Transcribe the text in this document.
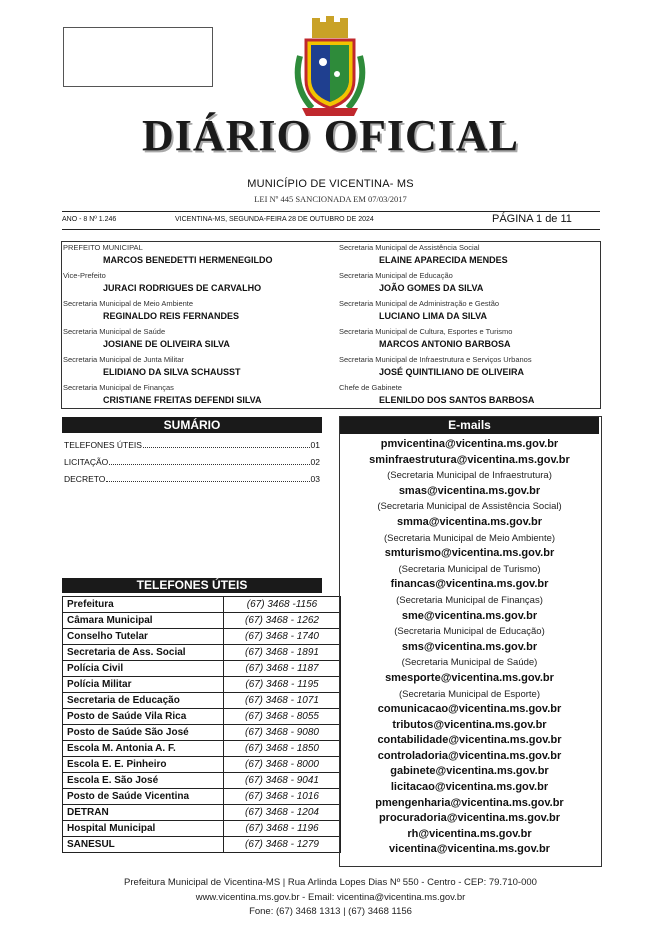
DIÁRIO OFICIAL
MUNICÍPIO DE VICENTINA- MS
LEI Nº 445 SANCIONADA EM 07/03/2017
ANO - 8 Nº 1.246	VICENTINA-MS, SEGUNDA-FEIRA 28 DE OUTUBRO DE 2024	PÁGINA 1 de 11
PREFEITO MUNICIPAL
MARCOS BENEDETTI HERMENEGILDO
Vice-Prefeito
JURACI RODRIGUES DE CARVALHO
Secretaria Municipal de Meio Ambiente
REGINALDO REIS FERNANDES
Secretaria Municipal de Saúde
JOSIANE DE OLIVEIRA SILVA
Secretaria Municipal de Junta Militar
ELIDIANO DA SILVA SCHAUSST
Secretaria Municipal de Finanças
CRISTIANE FREITAS DEFENDI SILVA
Secretaria Municipal de Assistência Social
ELAINE APARECIDA MENDES
Secretaria Municipal de Educação
JOÃO GOMES DA SILVA
Secretaria Municipal de Administração e Gestão
LUCIANO LIMA DA SILVA
Secretaria Municipal de Cultura, Esportes e Turismo
MARCOS ANTONIO BARBOSA
Secretaria Municipal de Infraestrutura e Serviços Urbanos
JOSÉ QUINTILIANO DE OLIVEIRA
Chefe de Gabinete
ELENILDO DOS SANTOS BARBOSA
SUMÁRIO
TELEFONES ÚTEIS	01
LICITAÇÃO	02
DECRETO	03
TELEFONES ÚTEIS
Prefeitura	(67) 3468 -1156
Câmara Municipal	(67) 3468 - 1262
Conselho Tutelar	(67) 3468 - 1740
Secretaria de Ass. Social	(67) 3468 - 1891
Polícia Civil	(67) 3468 - 1187
Polícia Militar	(67) 3468 - 1195
Secretaria de Educação	(67) 3468 - 1071
Posto de Saúde Vila Rica	(67) 3468 - 8055
Posto de Saúde São José	(67) 3468 - 9080
Escola M. Antonia A. F.	(67) 3468 - 1850
Escola E. E. Pinheiro	(67) 3468 - 8000
Escola E. São José	(67) 3468 - 9041
Posto de Saúde Vicentina	(67) 3468 - 1016
DETRAN	(67) 3468 - 1204
Hospital Municipal	(67) 3468 - 1196
SANESUL	(67) 3468 - 1279
E-mails
pmvicentina@vicentina.ms.gov.br
sminfraestrutura@vicentina.ms.gov.br
(Secretaria Municipal de Infraestrutura)
smas@vicentina.ms.gov.br
(Secretaria Municipal de Assistência Social)
smma@vicentina.ms.gov.br
(Secretaria Municipal de Meio Ambiente)
smturismo@vicentina.ms.gov.br
(Secretaria Municipal de Turismo)
financas@vicentina.ms.gov.br
(Secretaria Municipal de Finanças)
sme@vicentina.ms.gov.br
(Secretaria Municipal de Educação)
sms@vicentina.ms.gov.br
(Secretaria Municipal de Saúde)
smesporte@vicentina.ms.gov.br
(Secretaria Municipal de Esporte)
comunicacao@vicentina.ms.gov.br
tributos@vicentina.ms.gov.br
contabilidade@vicentina.ms.gov.br
controladoria@vicentina.ms.gov.br
gabinete@vicentina.ms.gov.br
licitacao@vicentina.ms.gov.br
pmengenharia@vicentina.ms.gov.br
procuradoria@vicentina.ms.gov.br
rh@vicentina.ms.gov.br
vicentina@vicentina.ms.gov.br
Prefeitura Municipal de Vicentina-MS | Rua Arlinda Lopes Dias Nº 550 - Centro - CEP: 79.710-000
www.vicentina.ms.gov.br - Email: vicentina@vicentina.ms.gov.br
Fone: (67) 3468 1313 | (67) 3468 1156
